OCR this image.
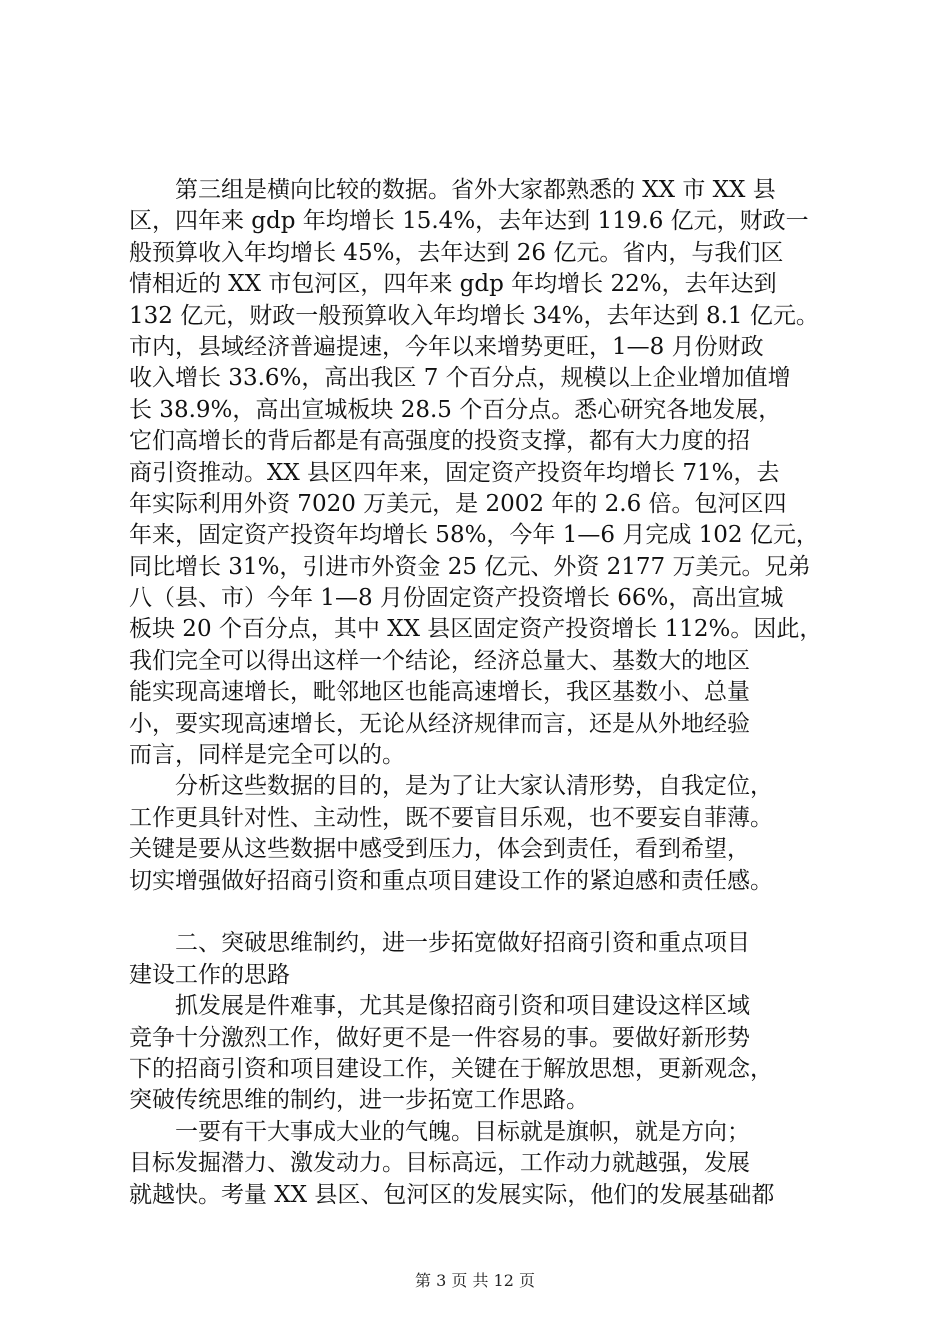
第三组是横向比较的数据。省外大家都熟悉的 XX 市 XX 县
区，四年来 gdp 年均增长 15.4%，去年达到 119.6 亿元，财政一
般预算收入年均增长 45%，去年达到 26 亿元。省内，与我们区
情相近的 XX 市包河区，四年来 gdp 年均增长 22%，去年达到
132 亿元，财政一般预算收入年均增长 34%，去年达到 8.1 亿元。
市内，县域经济普遍提速，今年以来增势更旺，1—8 月份财政
收入增长 33.6%，高出我区 7 个百分点，规模以上企业增加值增
长 38.9%，高出宣城板块 28.5 个百分点。悉心研究各地发展，
它们高增长的背后都是有高强度的投资支撑，都有大力度的招
商引资推动。XX 县区四年来，固定资产投资年均增长 71%，去
年实际利用外资 7020 万美元，是 2002 年的 2.6 倍。包河区四
年来，固定资产投资年均增长 58%，今年 1—6 月完成 102 亿元，
同比增长 31%，引进市外资金 25 亿元、外资 2177 万美元。兄弟
八（县、市）今年 1—8 月份固定资产投资增长 66%，高出宣城
板块 20 个百分点，其中 XX 县区固定资产投资增长 112%。因此，
我们完全可以得出这样一个结论，经济总量大、基数大的地区
能实现高速增长，毗邻地区也能高速增长，我区基数小、总量
小，要实现高速增长，无论从经济规律而言，还是从外地经验
而言，同样是完全可以的。
分析这些数据的目的，是为了让大家认清形势，自我定位，
工作更具针对性、主动性，既不要盲目乐观，也不要妄自菲薄。
关键是要从这些数据中感受到压力，体会到责任，看到希望，
切实增强做好招商引资和重点项目建设工作的紧迫感和责任感。
二、突破思维制约，进一步拓宽做好招商引资和重点项目
建设工作的思路
抓发展是件难事，尤其是像招商引资和项目建设这样区域
竞争十分激烈工作，做好更不是一件容易的事。要做好新形势
下的招商引资和项目建设工作，关键在于解放思想，更新观念，
突破传统思维的制约，进一步拓宽工作思路。
一要有干大事成大业的气魄。目标就是旗帜，就是方向；
目标发掘潜力、激发动力。目标高远，工作动力就越强，发展
就越快。考量 XX 县区、包河区的发展实际，他们的发展基础都
第 3 页 共 12 页
